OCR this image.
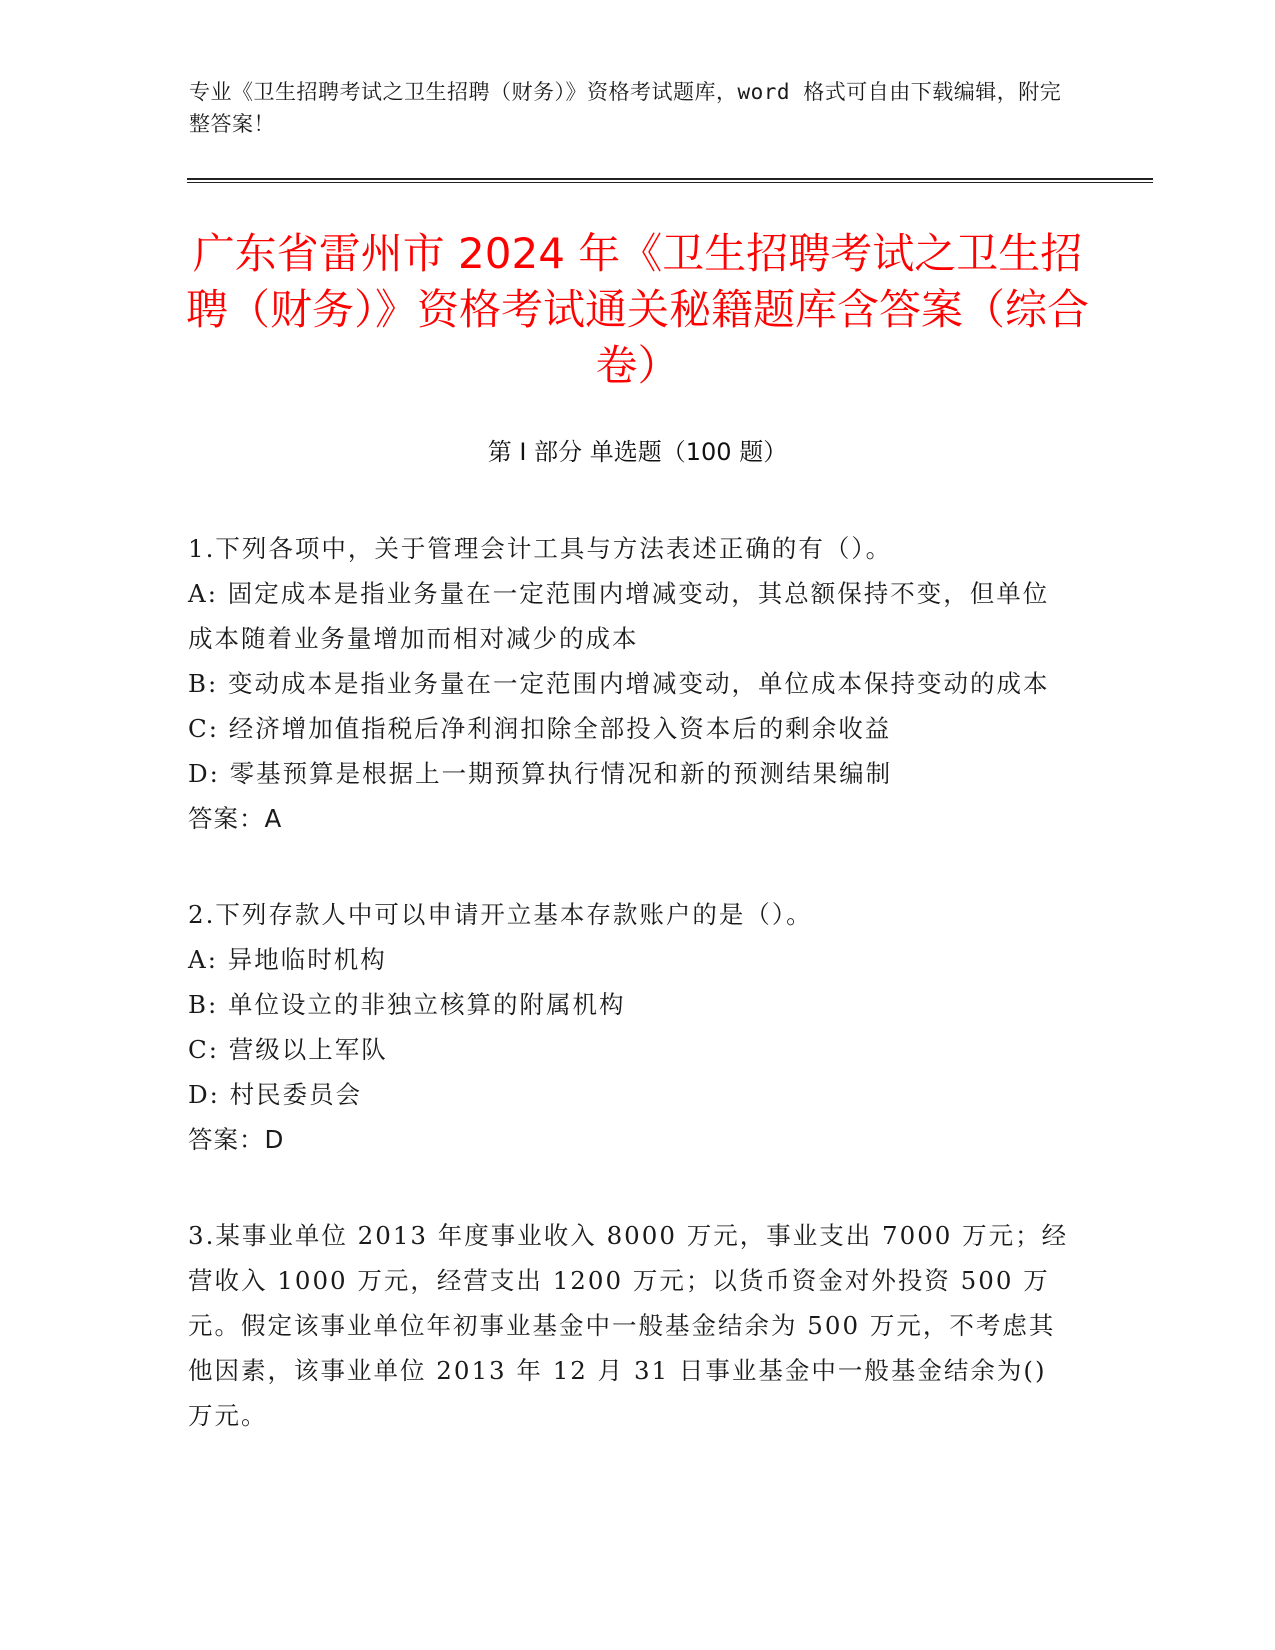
专业《卫生招聘考试之卫生招聘（财务）》资格考试题库，word 格式可自由下载编辑，附完整答案！
广东省雷州市 2024 年《卫生招聘考试之卫生招聘（财务）》资格考试通关秘籍题库含答案（综合卷）
第 I 部分 单选题（100 题）

1.下列各项中，关于管理会计工具与方法表述正确的有（）。

A: 固定成本是指业务量在一定范围内增减变动，其总额保持不变，但单位成本随着业务量增加而相对减少的成本

B: 变动成本是指业务量在一定范围内增减变动，单位成本保持变动的成本

C: 经济增加值指税后净利润扣除全部投入资本后的剩余收益

D: 零基预算是根据上一期预算执行情况和新的预测结果编制

答案：A

2.下列存款人中可以申请开立基本存款账户的是（）。

A: 异地临时机构

B: 单位设立的非独立核算的附属机构

C: 营级以上军队

D: 村民委员会

答案：D

3.某事业单位 2013 年度事业收入 8000 万元，事业支出 7000 万元；经营收入 1000 万元，经营支出 1200 万元；以货币资金对外投资 500 万元。假定该事业单位年初事业基金中一般基金结余为 500 万元，不考虑其他因素，该事业单位 2013 年 12 月 31 日事业基金中一般基金结余为()万元。
